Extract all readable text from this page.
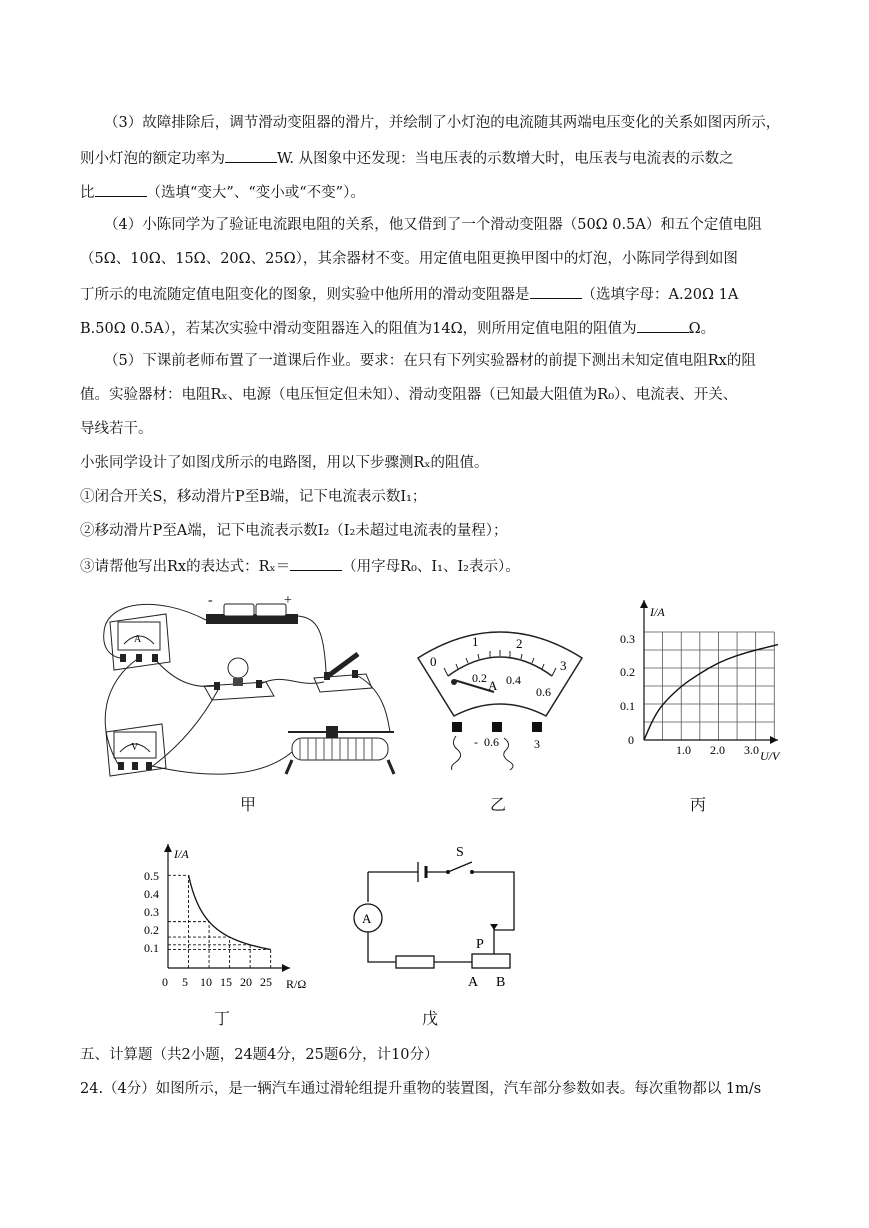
（3）故障排除后，调节滑动变阻器的滑片，并绘制了小灯泡的电流随其两端电压变化的关系如图丙所示，
则小灯泡的额定功率为	W. 从图象中还发现：当电压表的示数增大时，电压表与电流表的示数之
比	（选填“变大”、“变小或“不变”）。
（4）小陈同学为了验证电流跟电阻的关系，他又借到了一个滑动变阻器（50Ω 0.5A）和五个定值电阻
（5Ω、10Ω、15Ω、20Ω、25Ω），其余器材不变。用定值电阻更换甲图中的灯泡，小陈同学得到如图
丁所示的电流随定值电阻变化的图象，则实验中他所用的滑动变阻器是	（选填字母：A.20Ω 1A
B.50Ω 0.5A），若某次实验中滑动变阻器连入的阻值为14Ω，则所用定值电阻的阻值为	Ω。
（5）下课前老师布置了一道课后作业。要求：在只有下列实验器材的前提下测出未知定值电阻Rx的阻
值。实验器材：电阻Rₓ、电源（电压恒定但未知）、滑动变阻器（已知最大阻值为R₀）、电流表、开关、
导线若干。
小张同学设计了如图戊所示的电路图，用以下步骤测Rₓ的阻值。
①闭合开关S，移动滑片P至B端，记下电流表示数I₁；
②移动滑片P至A端，记下电流表示数I₂（I₂未超过电流表的量程）；
③请帮他写出Rx的表达式：Rₓ＝	（用字母R₀、I₁、I₂表示）。
-	+
A
V
甲
0
1	2
3
0.2 0.4
0.6
A
- 0.6	3
乙
I/A
U/V
0
0.1
0.2
0.3
1.0 2.0 3.0
丙
I/A
R/Ω
0.5
0.4
0.3
0.2
0.1
0 5 10 15 20 25
丁
A
S
P
A B
戊
五、计算题（共2小题，24题4分，25题6分，计10分）
24.（4分）如图所示，是一辆汽车通过滑轮组提升重物的装置图，汽车部分参数如表。每次重物都以 1m/s
